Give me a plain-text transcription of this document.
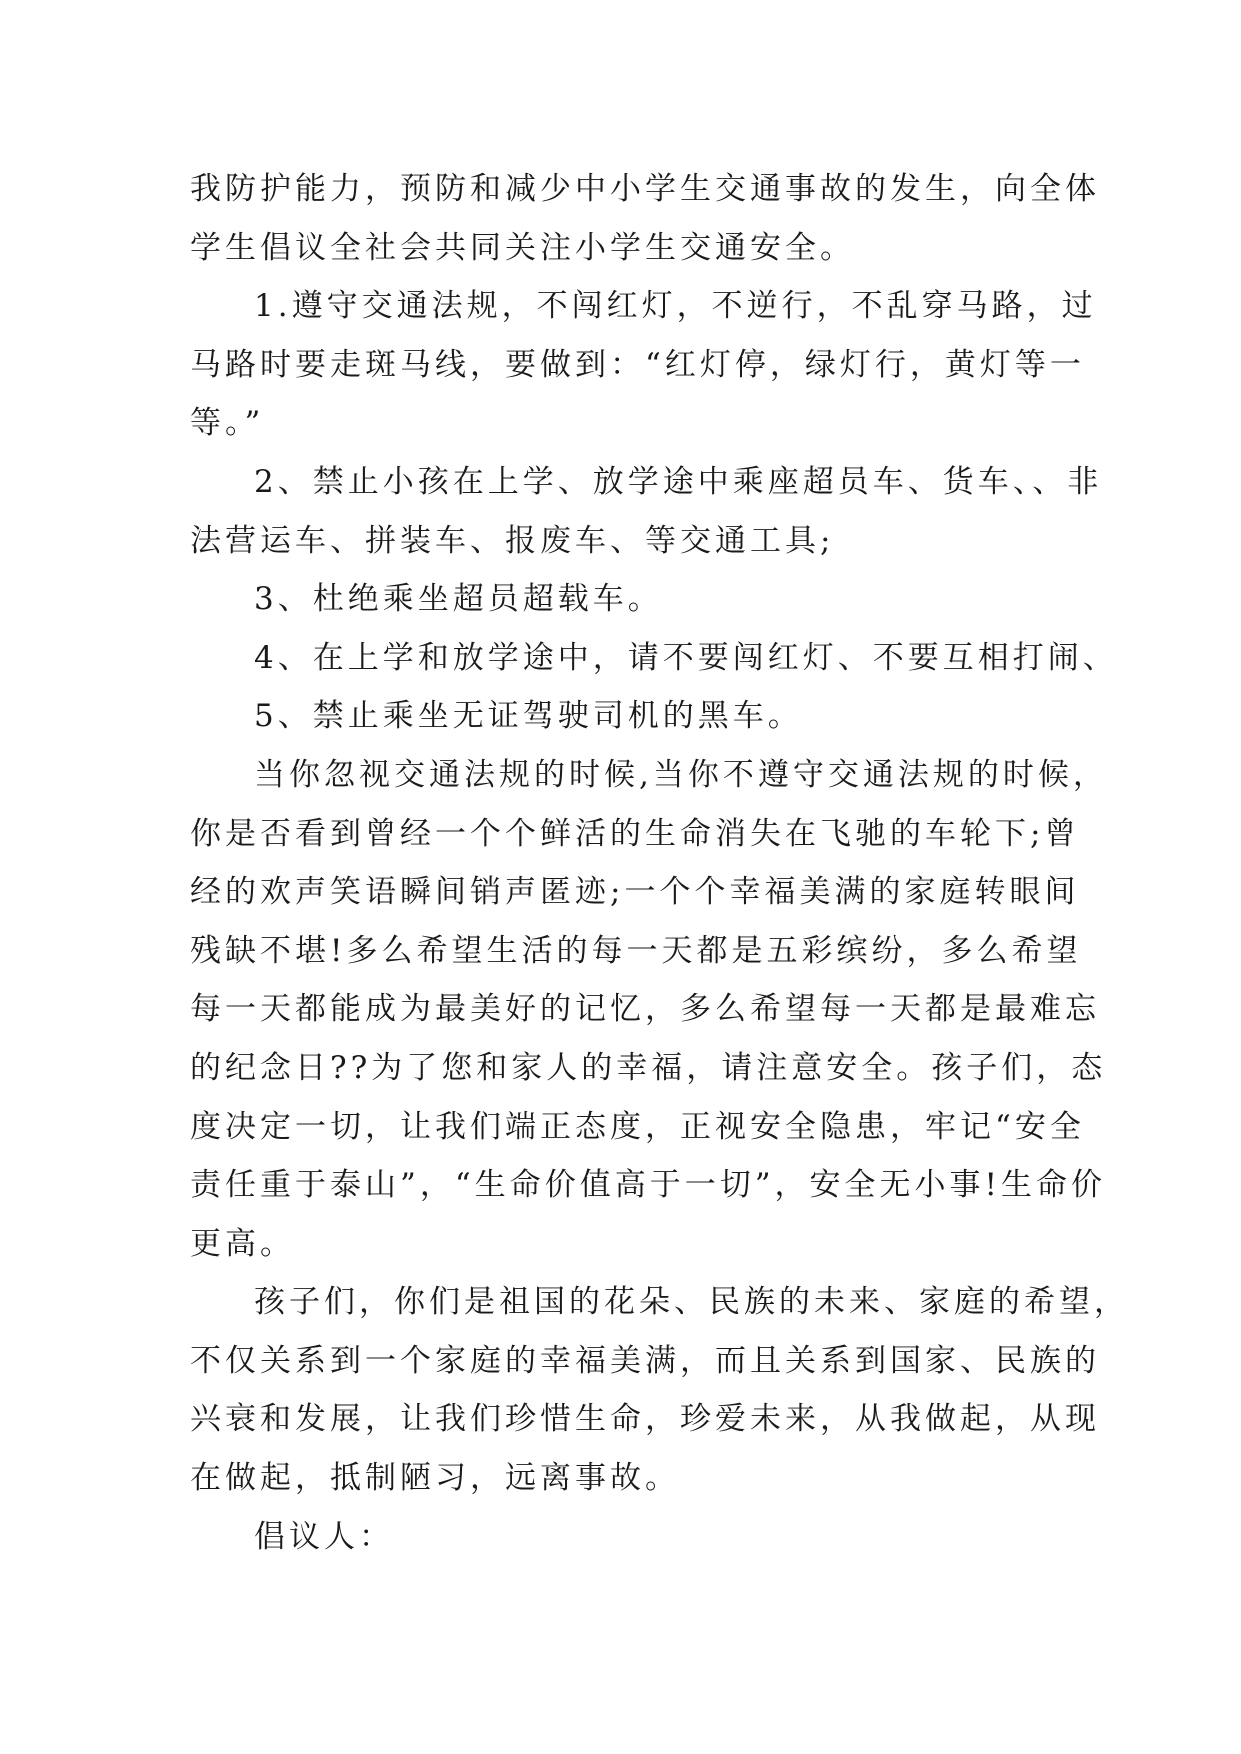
我防护能力，预防和减少中小学生交通事故的发生，向全体
学生倡议全社会共同关注小学生交通安全。
1.遵守交通法规，不闯红灯，不逆行，不乱穿马路，过
马路时要走斑马线，要做到：“红灯停，绿灯行，黄灯等一
等。”
2、禁止小孩在上学、放学途中乘座超员车、货车、、非
法营运车、拼装车、报废车、等交通工具;
3、杜绝乘坐超员超载车。
4、在上学和放学途中，请不要闯红灯、不要互相打闹、
5、禁止乘坐无证驾驶司机的黑车。
当你忽视交通法规的时候,当你不遵守交通法规的时候，
你是否看到曾经一个个鲜活的生命消失在飞驰的车轮下;曾
经的欢声笑语瞬间销声匿迹;一个个幸福美满的家庭转眼间
残缺不堪!多么希望生活的每一天都是五彩缤纷，多么希望
每一天都能成为最美好的记忆，多么希望每一天都是最难忘
的纪念日??为了您和家人的幸福，请注意安全。孩子们，态
度决定一切，让我们端正态度，正视安全隐患，牢记“安全
责任重于泰山”，“生命价值高于一切”，安全无小事!生命价
更高。
孩子们，你们是祖国的花朵、民族的未来、家庭的希望，
不仅关系到一个家庭的幸福美满，而且关系到国家、民族的
兴衰和发展，让我们珍惜生命，珍爱未来，从我做起，从现
在做起，抵制陋习，远离事故。
倡议人：
